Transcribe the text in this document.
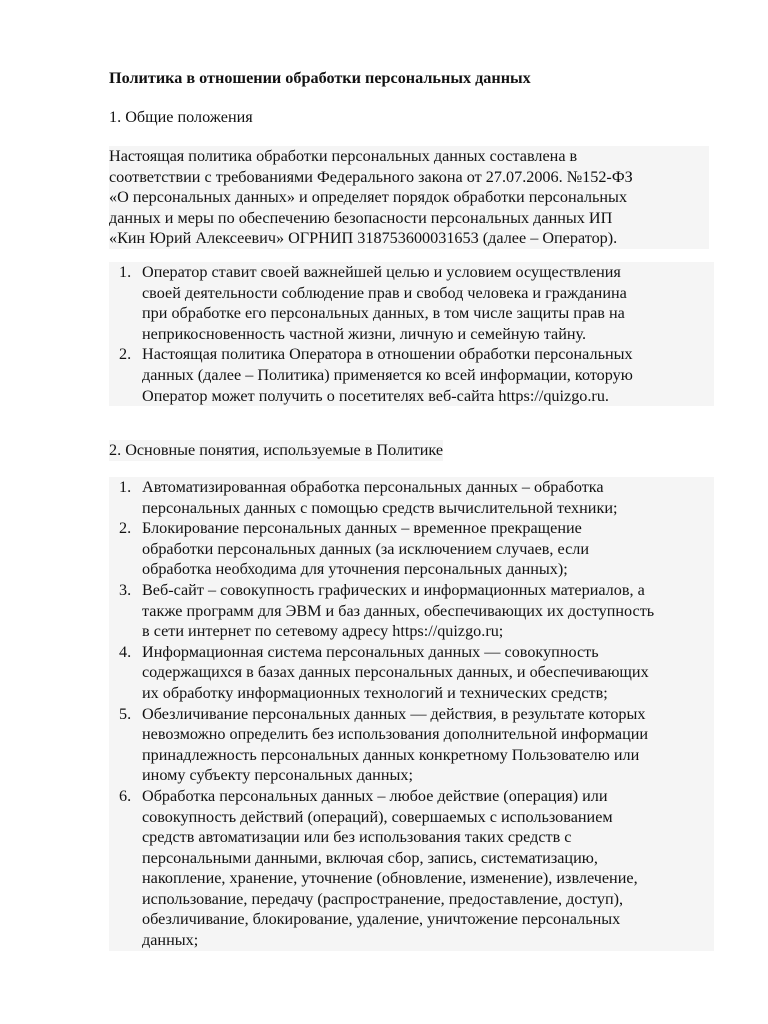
Политика в отношении обработки персональных данных
1. Общие положения

Настоящая политика обработки персональных данных составлена в
соответствии с требованиями Федерального закона от 27.07.2006. №152-ФЗ
«О персональных данных» и определяет порядок обработки персональных
данных и меры по обеспечению безопасности персональных данных ИП
«Кин Юрий Алексеевич» ОГРНИП 318753600031653 (далее – Оператор).

1. Оператор ставит своей важнейшей целью и условием осуществления
своей деятельности соблюдение прав и свобод человека и гражданина
при обработке его персональных данных, в том числе защиты прав на
неприкосновенность частной жизни, личную и семейную тайну.
2. Настоящая политика Оператора в отношении обработки персональных
данных (далее – Политика) применяется ко всей информации, которую
Оператор может получить о посетителях веб-сайта https://quizgo.ru.
2. Основные понятия, используемые в Политике
1. Автоматизированная обработка персональных данных – обработка
персональных данных с помощью средств вычислительной техники;
2. Блокирование персональных данных – временное прекращение
обработки персональных данных (за исключением случаев, если
обработка необходима для уточнения персональных данных);
3. Веб-сайт – совокупность графических и информационных материалов, а
также программ для ЭВМ и баз данных, обеспечивающих их доступность
в сети интернет по сетевому адресу https://quizgo.ru;
4. Информационная система персональных данных — совокупность
содержащихся в базах данных персональных данных, и обеспечивающих
их обработку информационных технологий и технических средств;
5. Обезличивание персональных данных — действия, в результате которых
невозможно определить без использования дополнительной информации
принадлежность персональных данных конкретному Пользователю или
иному субъекту персональных данных;
6. Обработка персональных данных – любое действие (операция) или
совокупность действий (операций), совершаемых с использованием
средств автоматизации или без использования таких средств с
персональными данными, включая сбор, запись, систематизацию,
накопление, хранение, уточнение (обновление, изменение), извлечение,
использование, передачу (распространение, предоставление, доступ),
обезличивание, блокирование, удаление, уничтожение персональных
данных;
